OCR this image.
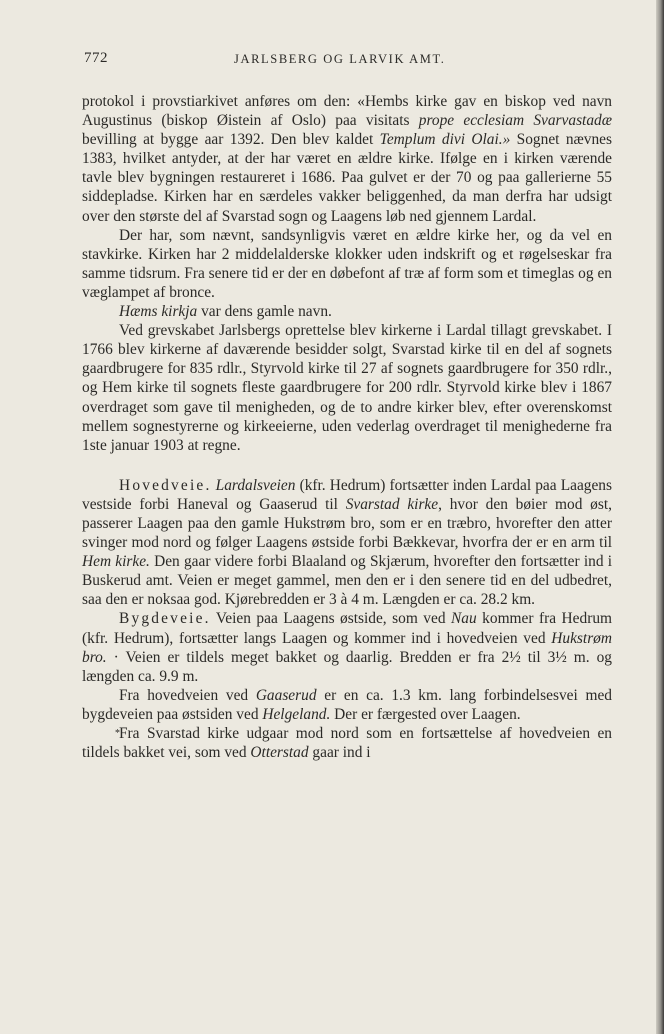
772	JARLSBERG OG LARVIK AMT.

protokol i provstiarkivet anføres om den: «Hembs kirke gav en biskop ved navn Augustinus (biskop Øistein af Oslo) paa visitats prope ecclesiam Svarvastadæ bevilling at bygge aar 1392. Den blev kaldet Templum divi Olai.» Sognet nævnes 1383, hvilket antyder, at der har været en ældre kirke. Ifølge en i kirken værende tavle blev bygningen restaureret i 1686. Paa gulvet er der 70 og paa gallerierne 55 siddepladse. Kirken har en særdeles vakker beliggenhed, da man derfra har udsigt over den største del af Svarstad sogn og Laagens løb ned gjennem Lardal.

Der har, som nævnt, sandsynligvis været en ældre kirke her, og da vel en stavkirke. Kirken har 2 middelalderske klokker uden indskrift og et røgelseskar fra samme tidsrum. Fra senere tid er der en døbefont af træ af form som et timeglas og en væglampet af bronce.

Hæms kirkja var dens gamle navn.

Ved grevskabet Jarlsbergs oprettelse blev kirkerne i Lardal tillagt grevskabet. I 1766 blev kirkerne af daværende besidder solgt, Svarstad kirke til en del af sognets gaardbrugere for 835 rdlr., Styrvold kirke til 27 af sognets gaardbrugere for 350 rdlr., og Hem kirke til sognets fleste gaardbrugere for 200 rdlr. Styrvold kirke blev i 1867 overdraget som gave til menigheden, og de to andre kirker blev, efter overenskomst mellem sognestyrerne og kirkeeierne, uden vederlag overdraget til menighederne fra 1ste januar 1903 at regne.

Hovedveie. Lardalsveien (kfr. Hedrum) fortsætter inden Lardal paa Laagens vestside forbi Haneval og Gaaserud til Svarstad kirke, hvor den bøier mod øst, passerer Laagen paa den gamle Hukstrøm bro, som er en træbro, hvorefter den atter svinger mod nord og følger Laagens østside forbi Bækkevar, hvorfra der er en arm til Hem kirke. Den gaar videre forbi Blaaland og Skjærum, hvorefter den fortsætter ind i Buskerud amt. Veien er meget gammel, men den er i den senere tid en del udbedret, saa den er noksaa god. Kjørebredden er 3 à 4 m. Længden er ca. 28.2 km.

Bygdeveie. Veien paa Laagens østside, som ved Nau kommer fra Hedrum (kfr. Hedrum), fortsætter langs Laagen og kommer ind i hovedveien ved Hukstrøm bro. · Veien er tildels meget bakket og daarlig. Bredden er fra 2½ til 3½ m. og længden ca. 9.9 m.

Fra hovedveien ved Gaaserud er en ca. 1.3 km. lang forbindelsesvei med bygdeveien paa østsiden ved Helgeland. Der er færgested over Laagen.

* Fra Svarstad kirke udgaar mod nord som en fortsættelse af hovedveien en tildels bakket vei, som ved Otterstad gaar ind i
